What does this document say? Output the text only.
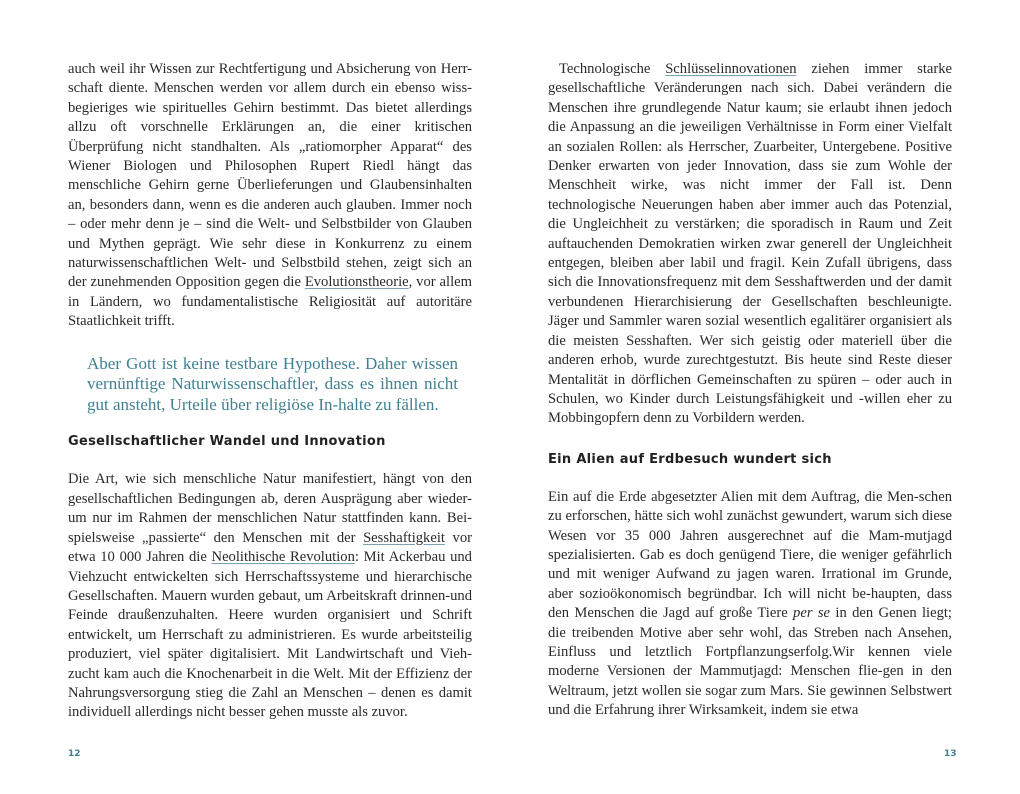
auch weil ihr Wissen zur Rechtfertigung und Absicherung von Herr-schaft diente. Menschen werden vor allem durch ein ebenso wiss-begieriges wie spirituelles Gehirn bestimmt. Das bietet allerdings allzu oft vorschnelle Erklärungen an, die einer kritischen Überprüfung nicht standhalten. Als „ratiomorpher Apparat“ des Wiener Biologen und Philosophen Rupert Riedl hängt das menschliche Gehirn gerne Überlieferungen und Glaubensinhalten an, besonders dann, wenn es die anderen auch glauben. Immer noch – oder mehr denn je – sind die Welt- und Selbstbilder von Glauben und Mythen geprägt. Wie sehr diese in Konkurrenz zu einem naturwissenschaftlichen Welt- und Selbstbild stehen, zeigt sich an der zunehmenden Opposition gegen die Evolutionstheorie, vor allem in Ländern, wo fundamentalistische Religiosität auf autoritäre Staatlichkeit trifft.

Aber Gott ist keine testbare Hypothese. Daher wissen vernünftige Naturwissenschaftler, dass es ihnen nicht gut ansteht, Urteile über religiöse In-halte zu fällen.
Gesellschaftlicher Wandel und Innovation

Die Art, wie sich menschliche Natur manifestiert, hängt von den gesellschaftlichen Bedingungen ab, deren Ausprägung aber wieder-um nur im Rahmen der menschlichen Natur stattfinden kann. Bei-spielsweise „passierte“ den Menschen mit der Sesshaftigkeit vor etwa 10 000 Jahren die Neolithische Revolution: Mit Ackerbau und Viehzucht entwickelten sich Herrschaftssysteme und hierarchische Gesellschaften. Mauern wurden gebaut, um Arbeitskraft drinnen-und Feinde draußenzuhalten. Heere wurden organisiert und Schrift entwickelt, um Herrschaft zu administrieren. Es wurde arbeitsteilig produziert, viel später digitalisiert. Mit Landwirtschaft und Vieh-zucht kam auch die Knochenarbeit in die Welt. Mit der Effizienz der Nahrungsversorgung stieg die Zahl an Menschen – denen es damit individuell allerdings nicht besser gehen musste als zuvor.

12

Technologische Schlüsselinnovationen ziehen immer starke gesellschaftliche Veränderungen nach sich. Dabei verändern die Menschen ihre grundlegende Natur kaum; sie erlaubt ihnen jedoch die Anpassung an die jeweiligen Verhältnisse in Form einer Vielfalt an sozialen Rollen: als Herrscher, Zuarbeiter, Untergebene. Positive Denker erwarten von jeder Innovation, dass sie zum Wohle der Menschheit wirke, was nicht immer der Fall ist. Denn technologische Neuerungen haben aber immer auch das Potenzial, die Ungleichheit zu verstärken; die sporadisch in Raum und Zeit auftauchenden Demokratien wirken zwar generell der Ungleichheit entgegen, bleiben aber labil und fragil. Kein Zufall übrigens, dass sich die Innovationsfrequenz mit dem Sesshaftwerden und der damit verbundenen Hierarchisierung der Gesellschaften beschleunigte. Jäger und Sammler waren sozial wesentlich egalitärer organisiert als die meisten Sesshaften. Wer sich geistig oder materiell über die anderen erhob, wurde zurechtgestutzt. Bis heute sind Reste dieser Mentalität in dörflichen Gemeinschaften zu spüren – oder auch in Schulen, wo Kinder durch Leistungsfähigkeit und -willen eher zu Mobbingopfern denn zu Vorbildern werden.

Ein Alien auf Erdbesuch wundert sich

Ein auf die Erde abgesetzter Alien mit dem Auftrag, die Men-schen zu erforschen, hätte sich wohl zunächst gewundert, warum sich diese Wesen vor 35 000 Jahren ausgerechnet auf die Mam-mutjagd spezialisierten. Gab es doch genügend Tiere, die weniger gefährlich und mit weniger Aufwand zu jagen waren. Irrational im Grunde, aber sozioökonomisch begründbar. Ich will nicht be-haupten, dass den Menschen die Jagd auf große Tiere per se in den Genen liegt; die treibenden Motive aber sehr wohl, das Streben nach Ansehen, Einfluss und letztlich Fortpflanzungserfolg.Wir kennen viele moderne Versionen der Mammutjagd: Menschen flie-gen in den Weltraum, jetzt wollen sie sogar zum Mars. Sie gewinnen Selbstwert und die Erfahrung ihrer Wirksamkeit, indem sie etwa

13
